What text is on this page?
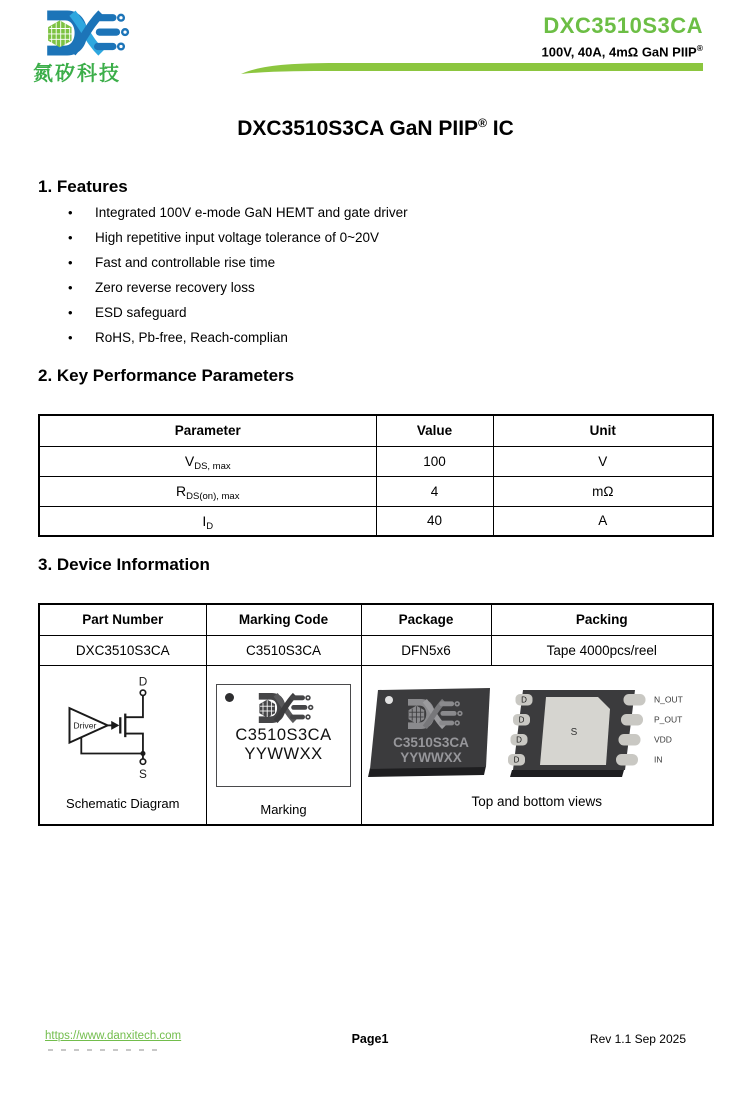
氮矽科技
DXC3510S3CA
100V, 40A, 4mΩ GaN PIIP®
DXC3510S3CA GaN PIIP® IC
1. Features
•	Integrated 100V e-mode GaN HEMT and gate driver
•	High repetitive input voltage tolerance of 0~20V
•	Fast and controllable rise time
•	Zero reverse recovery loss
•	ESD safeguard
•	RoHS, Pb-free, Reach-complian
2. Key Performance Parameters
Parameter	Value	Unit
$V_{DS, max}$	100	V
$R_{DS(on), max}$	4	mΩ
$I_D$	40	A
3. Device Information
Part Number	Marking Code	Package	Packing
DXC3510S3CA	C3510S3CA	DFN5x6	Tape 4000pcs/reel

Driver
D
S
Schematic Diagram

C3510S3CA
YYWWXX
Marking

C3510S3CA
YYWWXX
D
D
D
D
S
N_OUT
P_OUT
VDD
IN
Top and bottom views
https://www.danxitech.com	Page1	Rev 1.1 Sep 2025
